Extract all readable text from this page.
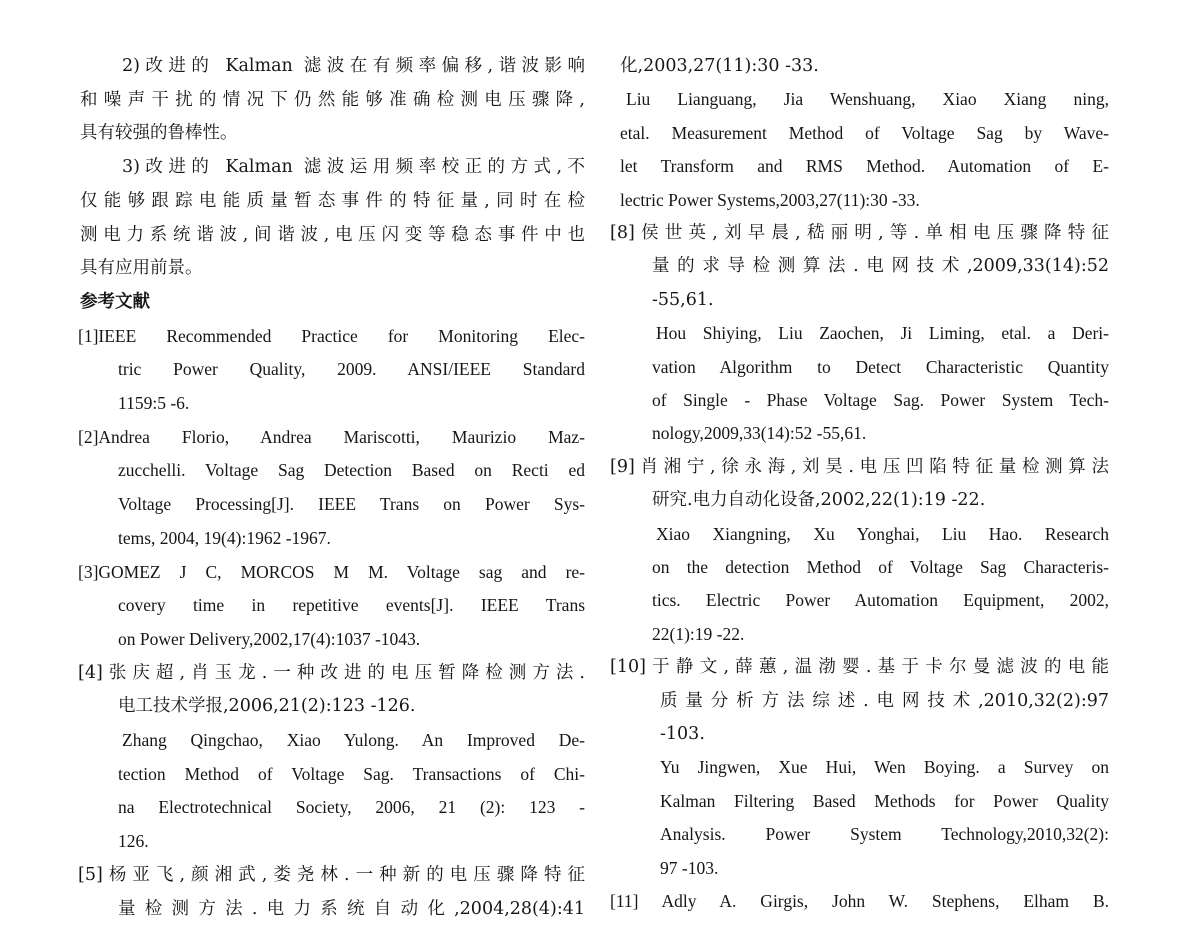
2)改进的 Kalman 滤波在有频率偏移,谐波影响
和噪声干扰的情况下仍然能够准确检测电压骤降,
具有较强的鲁棒性。
3)改进的 Kalman 滤波运用频率校正的方式,不
仅能够跟踪电能质量暂态事件的特征量,同时在检
测电力系统谐波,间谐波,电压闪变等稳态事件中也
具有应用前景。
参考文献
[1]IEEE Recommended Practice for Monitoring Elec-
tric Power Quality, 2009. ANSI/IEEE Standard
1159:5 -6.
[2]Andrea Florio, Andrea Mariscotti, Maurizio Maz-
zucchelli. Voltage Sag Detection Based on Recti ed
Voltage Processing[J]. IEEE Trans on Power Sys-
tems, 2004, 19(4):1962 -1967.
[3]GOMEZ J C, MORCOS M M. Voltage sag and re-
covery time in repetitive events[J]. IEEE Trans
on Power Delivery,2002,17(4):1037 -1043.
[4]张庆超,肖玉龙.一种改进的电压暂降检测方法.
电工技术学报,2006,21(2):123 -126.
Zhang Qingchao, Xiao Yulong. An Improved De-
tection Method of Voltage Sag. Transactions of Chi-
na Electrotechnical Society, 2006, 21 (2): 123 -
126.
[5]杨亚飞,颜湘武,娄尧林.一种新的电压骤降特征
量检测方法.电力系统自动化,2004,28(4):41
化,2003,27(11):30 -33.
Liu Lianguang, Jia Wenshuang, Xiao Xiang ning,
etal. Measurement Method of Voltage Sag by Wave-
let Transform and RMS Method. Automation of E-
lectric Power Systems,2003,27(11):30 -33.
[8]侯世英,刘早晨,嵇丽明,等.单相电压骤降特征
量的求导检测算法.电网技术,2009,33(14):52
-55,61.
Hou Shiying, Liu Zaochen, Ji Liming, etal. a Deri-
vation Algorithm to Detect Characteristic Quantity
of Single - Phase Voltage Sag. Power System Tech-
nology,2009,33(14):52 -55,61.
[9]肖湘宁,徐永海,刘昊.电压凹陷特征量检测算法
研究.电力自动化设备,2002,22(1):19 -22.
Xiao Xiangning, Xu Yonghai, Liu Hao. Research
on the detection Method of Voltage Sag Characteris-
tics. Electric Power Automation Equipment, 2002,
22(1):19 -22.
[10]于静文,薛蕙,温渤婴.基于卡尔曼滤波的电能
质量分析方法综述.电网技术,2010,32(2):97
-103.
Yu Jingwen, Xue Hui, Wen Boying. a Survey on
Kalman Filtering Based Methods for Power Quality
Analysis. Power System Technology,2010,32(2):
97 -103.
[11] Adly A. Girgis, John W. Stephens, Elham B.
